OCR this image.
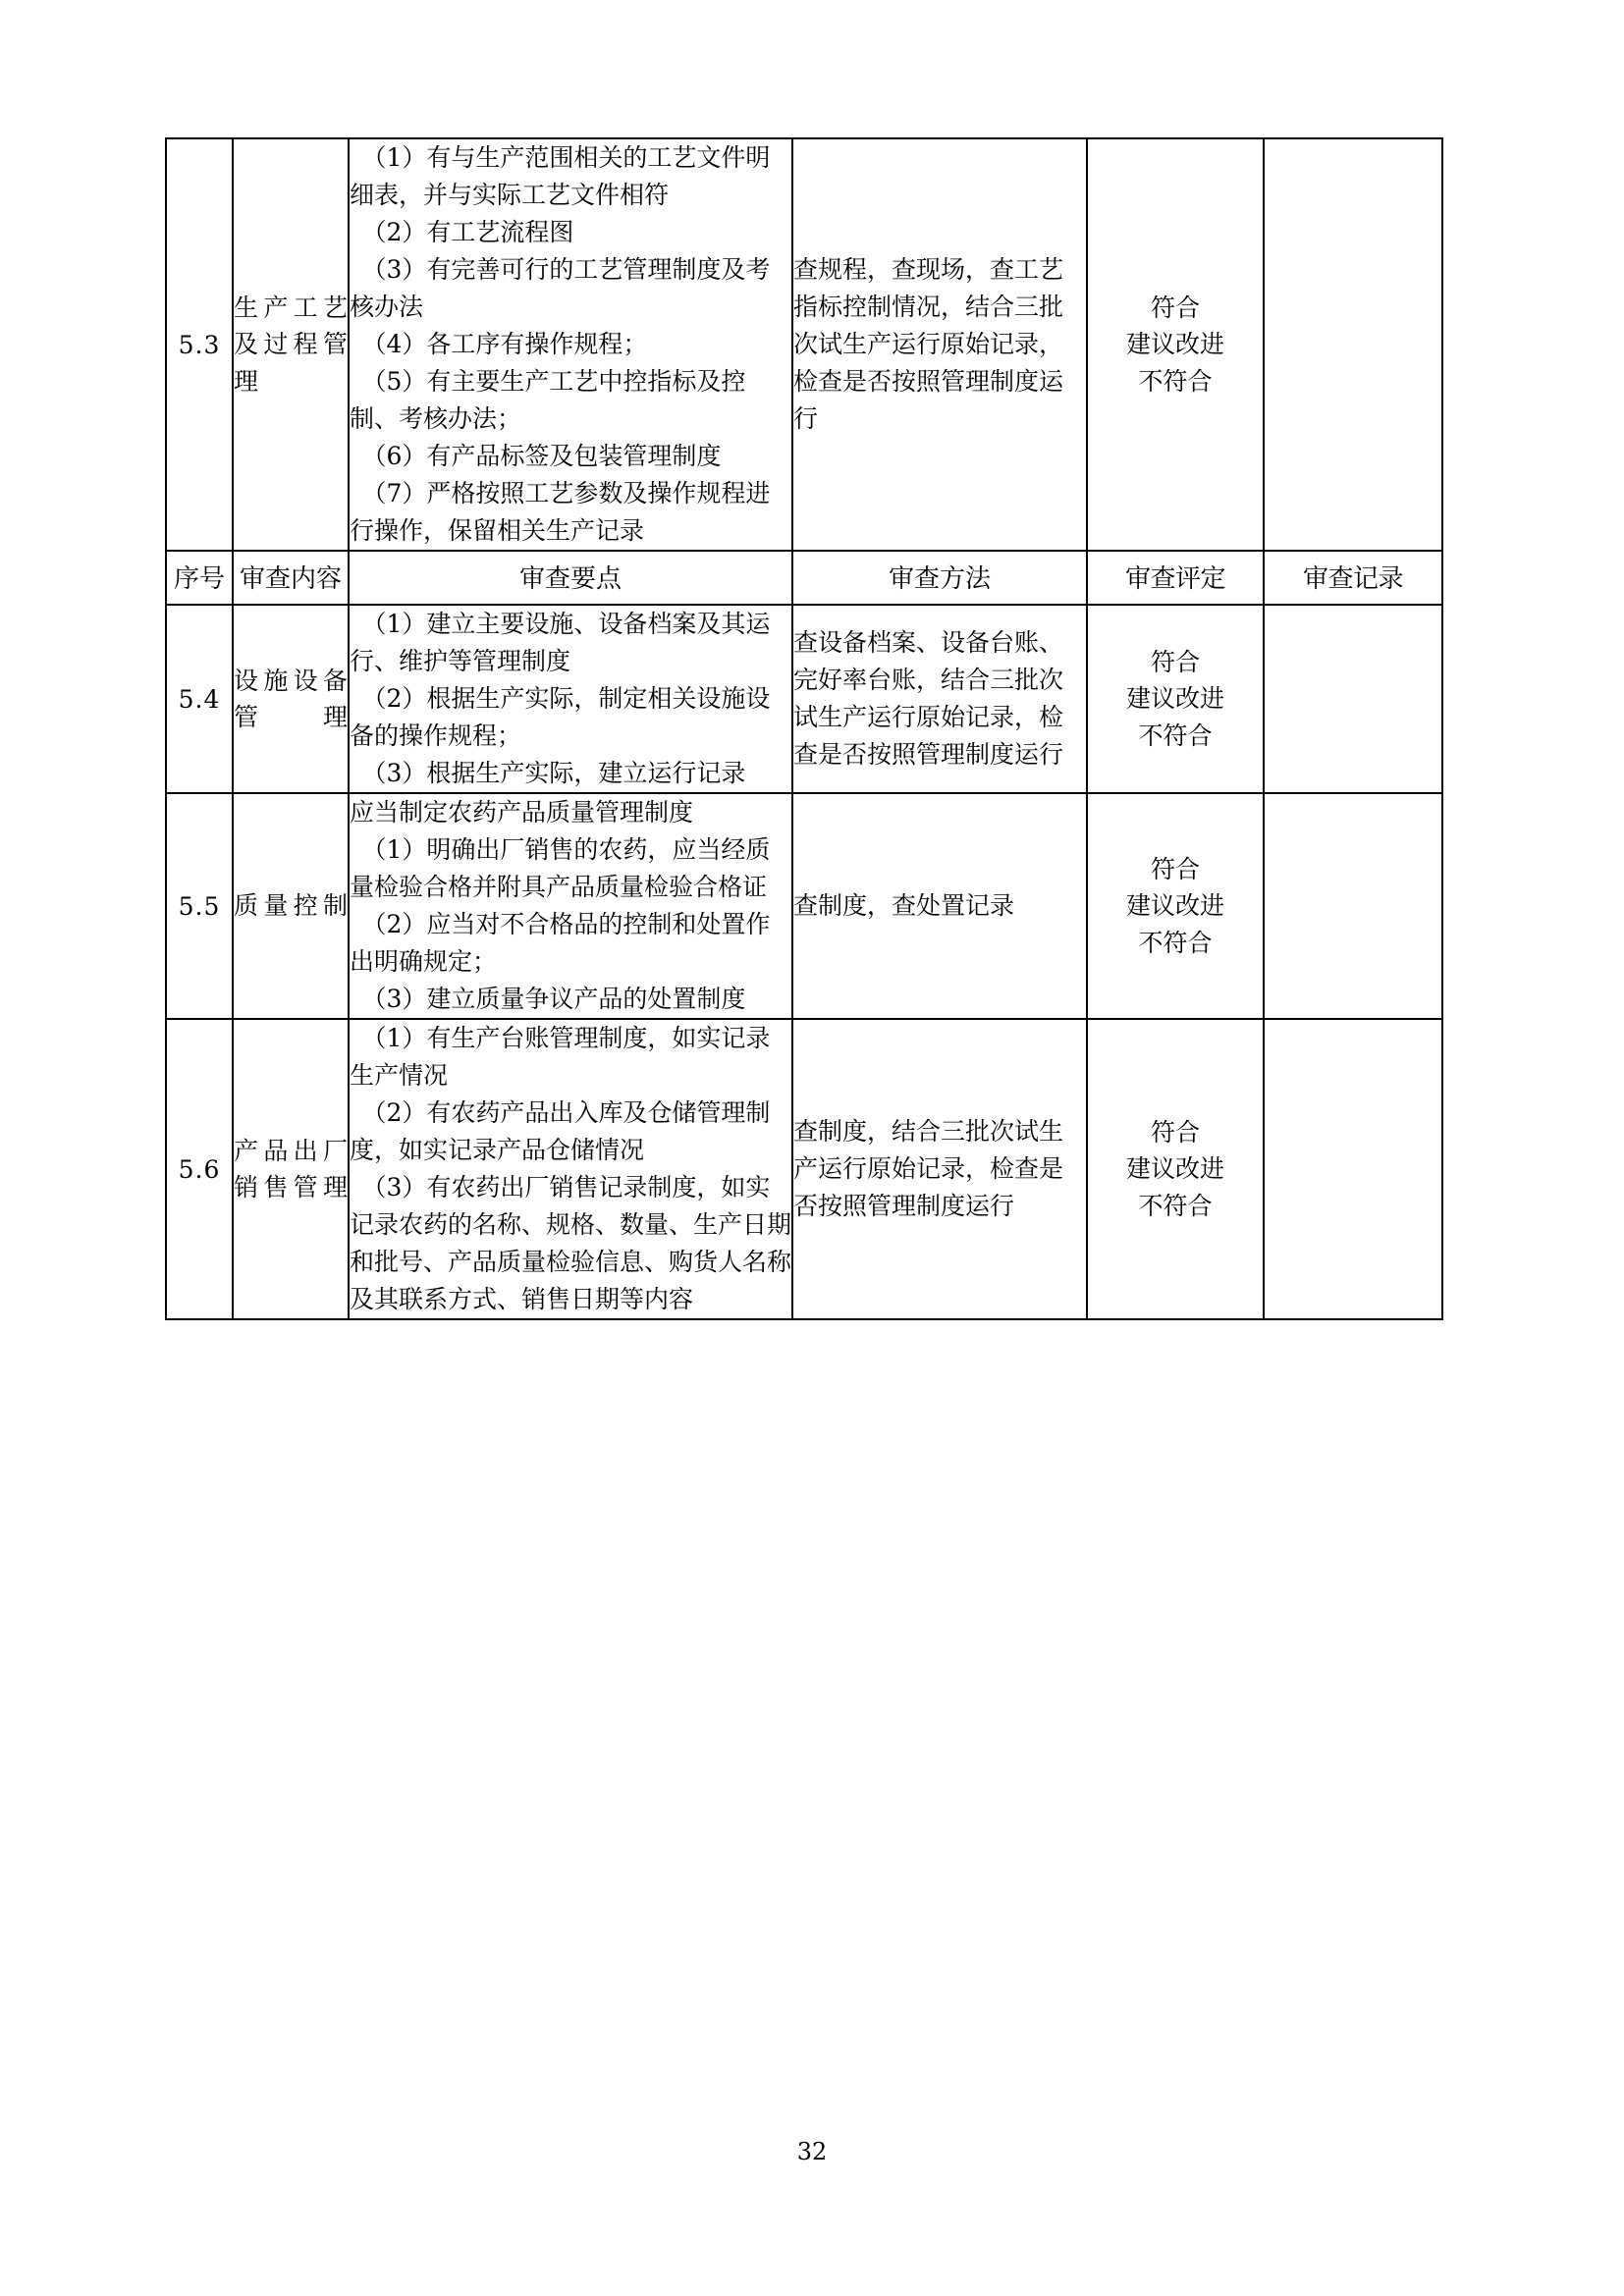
5.3	生产工艺及过程管理	
　（1）有与生产范围相关的工艺文件明细表，并与实际工艺文件相符
　（2）有工艺流程图
　（3）有完善可行的工艺管理制度及考核办法
　（4）各工序有操作规程；
　（5）有主要生产工艺中控指标及控制、考核办法；
　（6）有产品标签及包装管理制度
　（7）严格按照工艺参数及操作规程进行操作，保留相关生产记录
	查规程，查现场，查工艺指标控制情况，结合三批次试生产运行原始记录，检查是否按照管理制度运行	
符合
建议改进
不符合

序号	审查内容	审查要点	审查方法	审查评定	审查记录
5.4	设施设备管理	　（1）建立主要设施、设备档案及其运行、维护等管理制度
　（2）根据生产实际，制定相关设施设备的操作规程；
　（3）根据生产实际，建立运行记录	查设备档案、设备台账、完好率台账，结合三批次试生产运行原始记录，检查是否按照管理制度运行	符合
建议改进
不符合	

5.5	质量控制	应当制定农药产品质量管理制度
　（1）明确出厂销售的农药，应当经质量检验合格并附具产品质量检验合格证
　（2）应当对不合格品的控制和处置作出明确规定；
　（3）建立质量争议产品的处置制度	查制度，查处置记录	符合
建议改进
不符合	

5.6	产品出厂销售管理	　（1）有生产台账管理制度，如实记录生产情况
　（2）有农药产品出入库及仓储管理制度，如实记录产品仓储情况
　（3）有农药出厂销售记录制度，如实记录农药的名称、规格、数量、生产日期和批号、产品质量检验信息、购货人名称及其联系方式、销售日期等内容	查制度，结合三批次试生产运行原始记录，检查是否按照管理制度运行	符合
建议改进
不符合	

32
